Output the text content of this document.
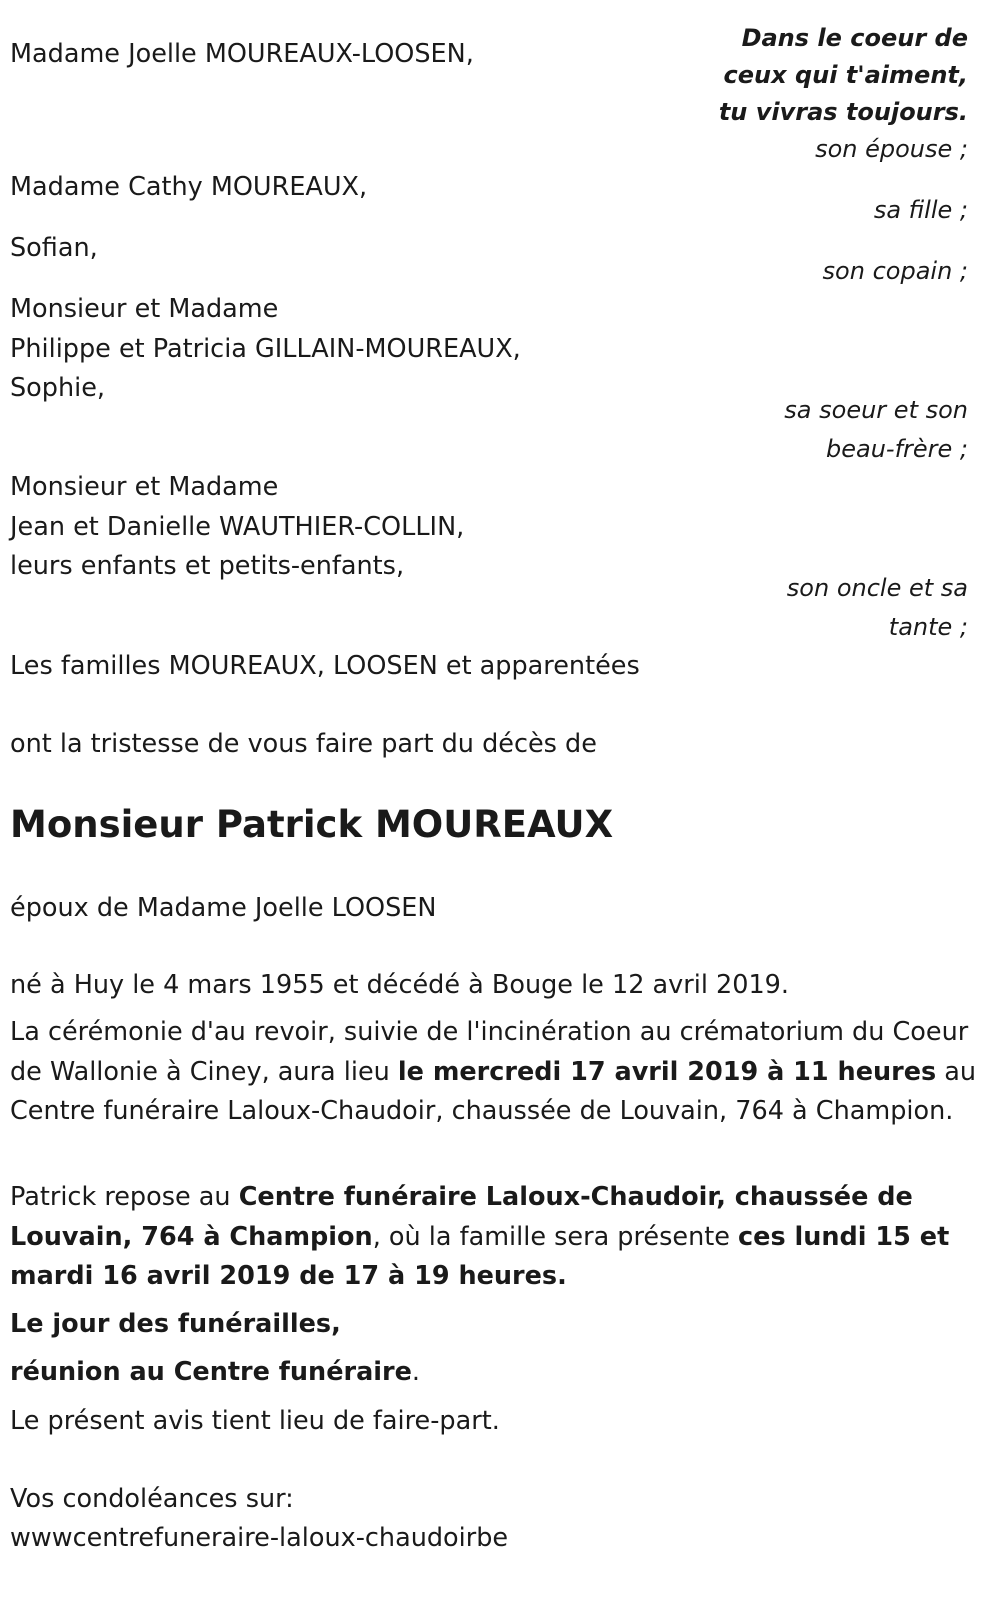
Dans le coeur de
ceux qui t'aiment,
tu vivras toujours.
Madame Joelle MOUREAUX-LOOSEN,
Madame Cathy MOUREAUX,
Sofian,
Monsieur et Madame
Philippe et Patricia GILLAIN-MOUREAUX,
Sophie,
Monsieur et Madame
Jean et Danielle WAUTHIER-COLLIN,
leurs enfants et petits-enfants,
son épouse ;
sa fille ;
son copain ;
sa soeur et son
beau-frère ;
son oncle et sa
tante ;
Les familles MOUREAUX, LOOSEN et apparentées
ont la tristesse de vous faire part du décès de
Monsieur Patrick MOUREAUX
époux de Madame Joelle LOOSEN
né à Huy le 4 mars 1955 et décédé à Bouge le 12 avril 2019.
La cérémonie d'au revoir, suivie de l'incinération au crématorium du Coeur de Wallonie à Ciney, aura lieu le mercredi 17 avril 2019 à 11 heures au Centre funéraire Laloux-Chaudoir, chaussée de Louvain, 764 à Champion.
Patrick repose au Centre funéraire Laloux-Chaudoir, chaussée de Louvain, 764 à Champion, où la famille sera présente ces lundi 15 et mardi 16 avril 2019 de 17 à 19 heures.
Le jour des funérailles,
réunion au Centre funéraire.
Le présent avis tient lieu de faire-part.
Vos condoléances sur:
wwwcentrefuneraire-laloux-chaudoirbe
